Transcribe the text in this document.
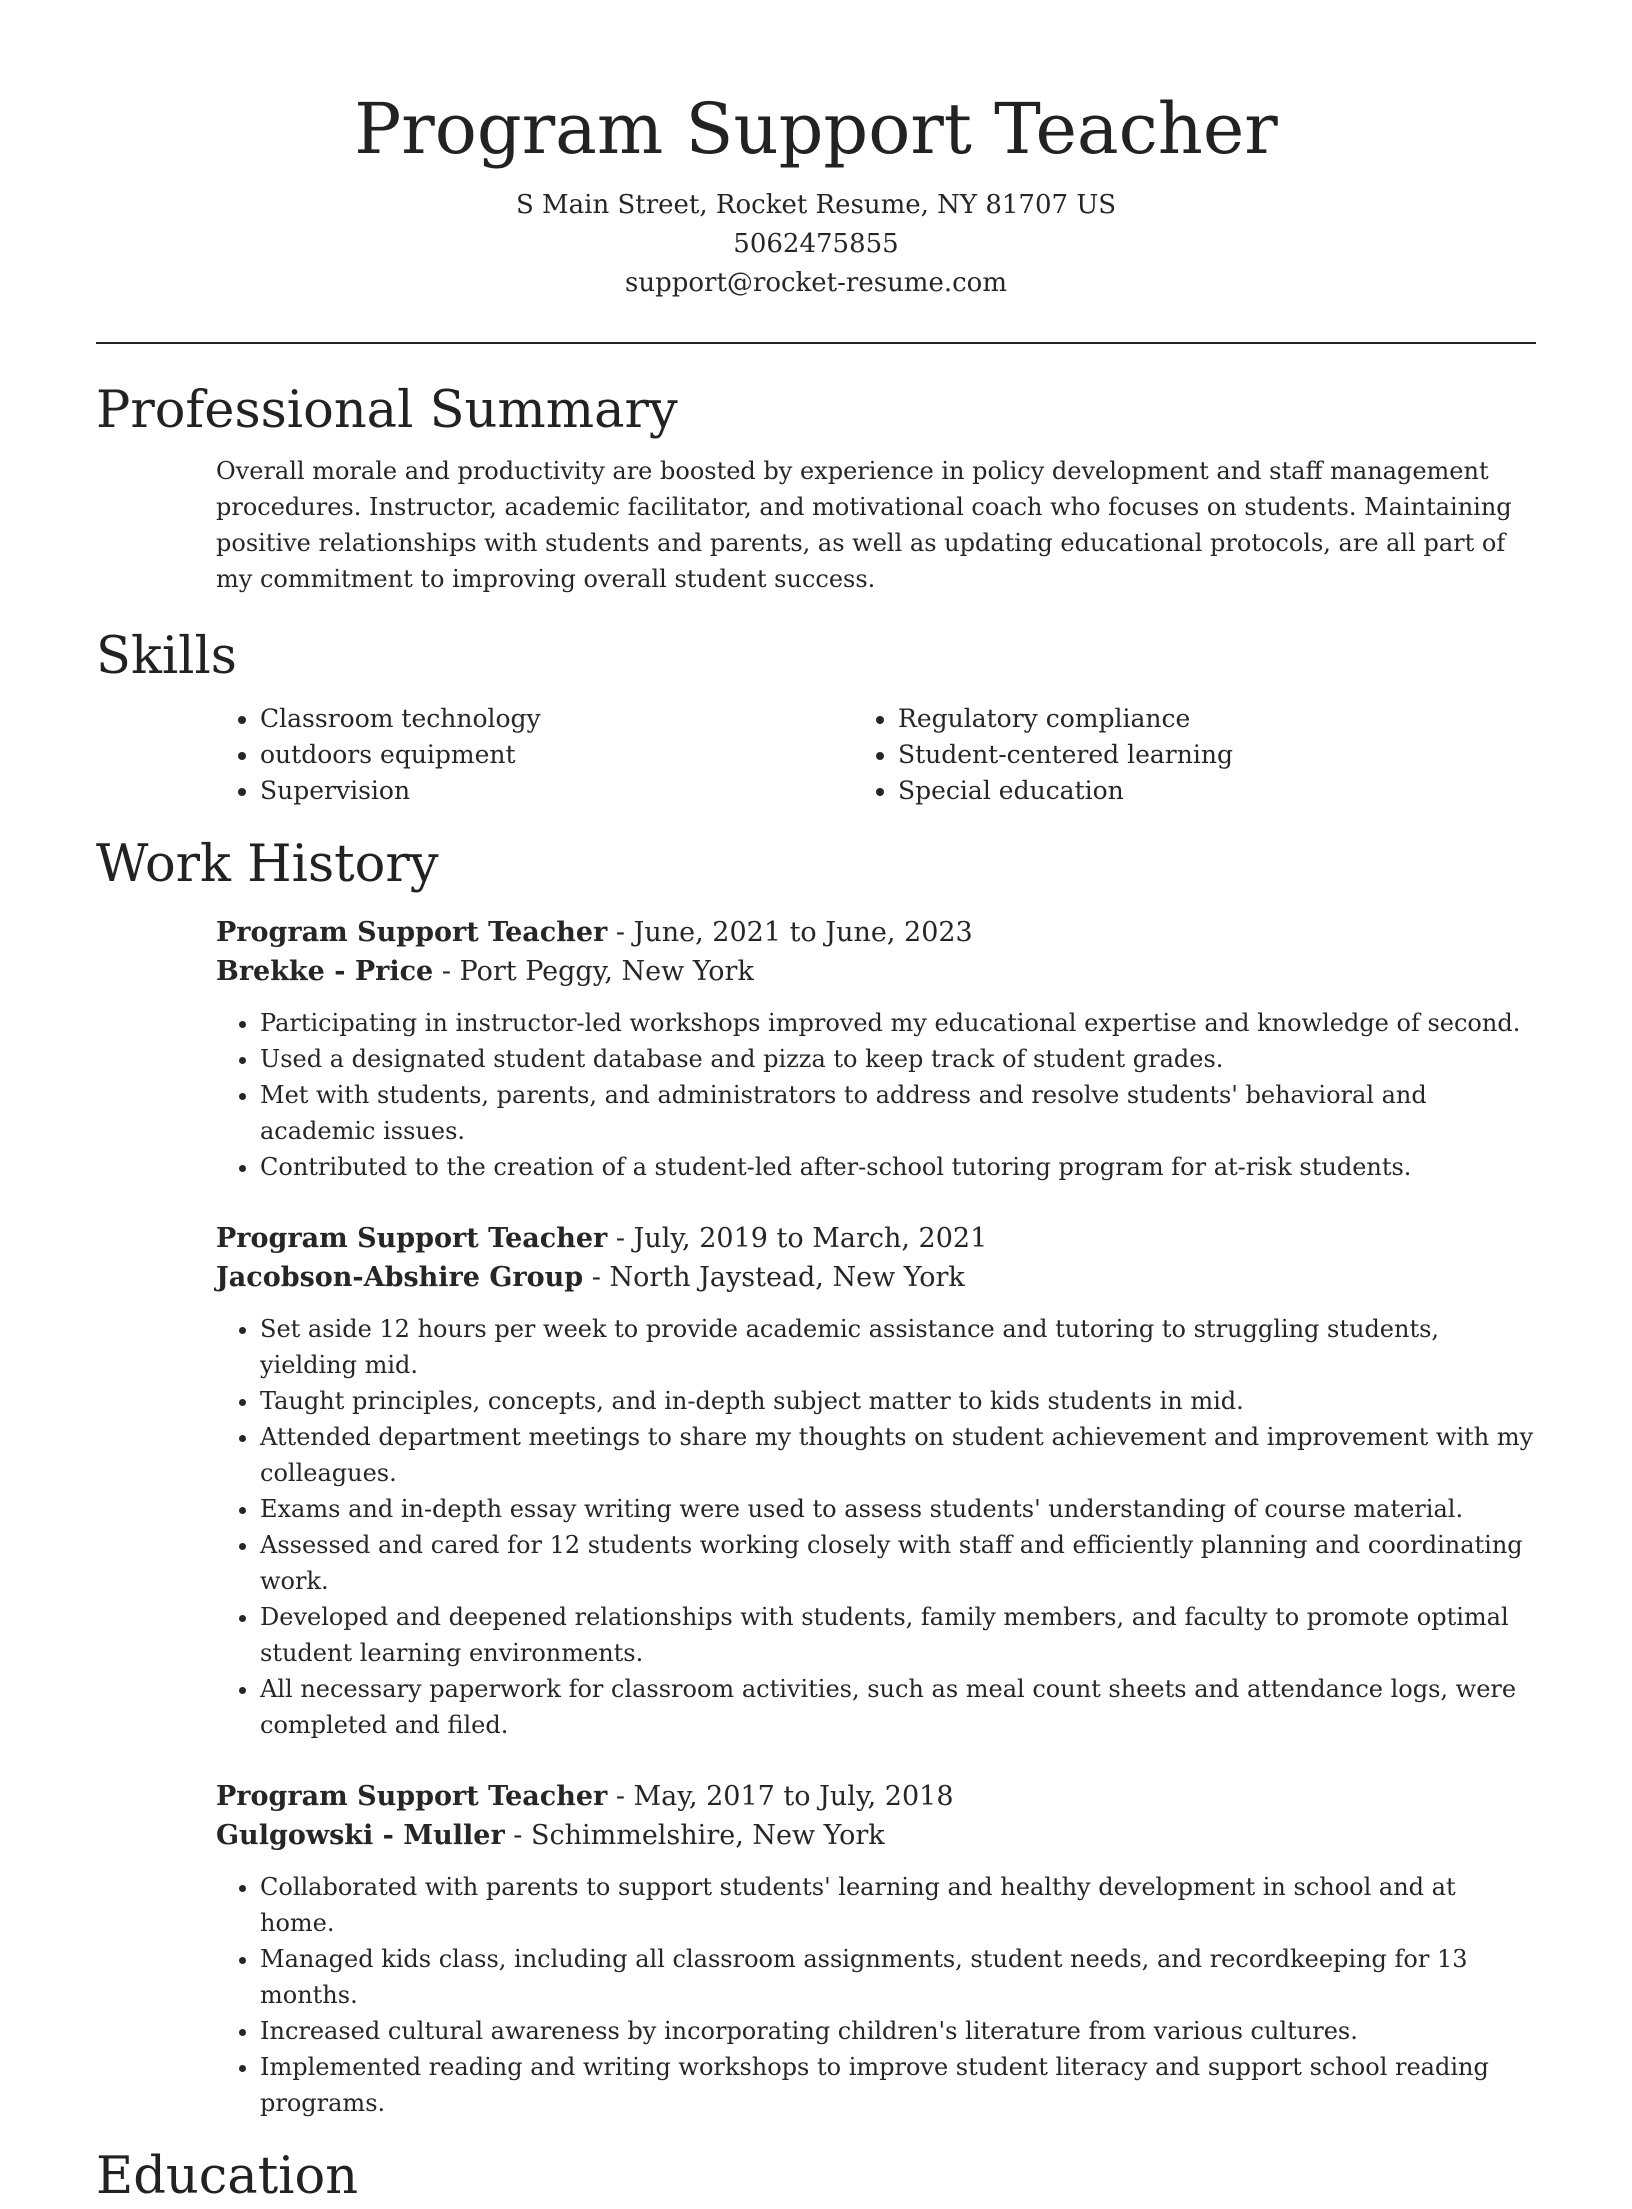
Program Support Teacher
S Main Street, Rocket Resume, NY 81707 US
5062475855
support@rocket-resume.com
Professional Summary

Overall morale and productivity are boosted by experience in policy development and staff management procedures. Instructor, academic facilitator, and motivational coach who focuses on students. Maintaining positive relationships with students and parents, as well as updating educational protocols, are all part of my commitment to improving overall student success.

Skills
• Classroom technology
• outdoors equipment
• Supervision
• Regulatory compliance
• Student-centered learning
• Special education
Work History
Program Support Teacher - June, 2021 to June, 2023
Brekke - Price - Port Peggy, New York
• Participating in instructor-led workshops improved my educational expertise and knowledge of second.
• Used a designated student database and pizza to keep track of student grades.
• Met with students, parents, and administrators to address and resolve students' behavioral and academic issues.
• Contributed to the creation of a student-led after-school tutoring program for at-risk students.
Program Support Teacher - July, 2019 to March, 2021
Jacobson-Abshire Group - North Jaystead, New York
• Set aside 12 hours per week to provide academic assistance and tutoring to struggling students, yielding mid.
• Taught principles, concepts, and in-depth subject matter to kids students in mid.
• Attended department meetings to share my thoughts on student achievement and improvement with my colleagues.
• Exams and in-depth essay writing were used to assess students' understanding of course material.
• Assessed and cared for 12 students working closely with staff and efficiently planning and coordinating work.
• Developed and deepened relationships with students, family members, and faculty to promote optimal student learning environments.
• All necessary paperwork for classroom activities, such as meal count sheets and attendance logs, were completed and filed.
Program Support Teacher - May, 2017 to July, 2018
Gulgowski - Muller - Schimmelshire, New York
• Collaborated with parents to support students' learning and healthy development in school and at home.
• Managed kids class, including all classroom assignments, student needs, and recordkeeping for 13 months.
• Increased cultural awareness by incorporating children's literature from various cultures.
• Implemented reading and writing workshops to improve student literacy and support school reading programs.
Education
